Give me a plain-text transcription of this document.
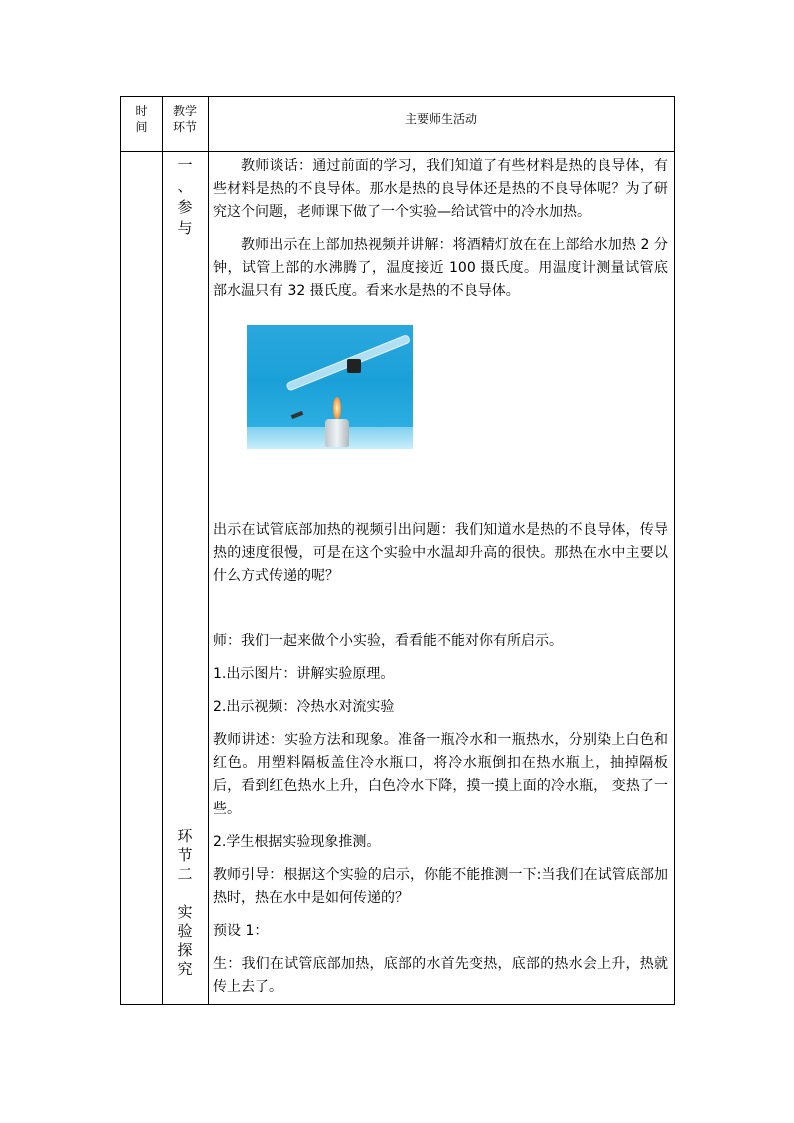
时
间
教学
环节
主要师生活动
一
、
参
与
环
节
二
实
验
探
究

教师谈话：通过前面的学习，我们知道了有些材料是热的良导体，有些材料是热的不良导体。那水是热的良导体还是热的不良导体呢？为了研究这个问题，老师课下做了一个实验—给试管中的冷水加热。

教师出示在上部加热视频并讲解：将酒精灯放在在上部给水加热 2 分钟，试管上部的水沸腾了，温度接近 100 摄氏度。用温度计测量试管底部水温只有 32 摄氏度。看来水是热的不良导体。

出示在试管底部加热的视频引出问题：我们知道水是热的不良导体，传导热的速度很慢，可是在这个实验中水温却升高的很快。那热在水中主要以什么方式传递的呢？

师：我们一起来做个小实验，看看能不能对你有所启示。

1.出示图片：讲解实验原理。

2.出示视频：冷热水对流实验

教师讲述：实验方法和现象。准备一瓶冷水和一瓶热水，分别染上白色和红色。用塑料隔板盖住冷水瓶口，将冷水瓶倒扣在热水瓶上，抽掉隔板后，看到红色热水上升，白色冷水下降，摸一摸上面的冷水瓶， 变热了一些。

2.学生根据实验现象推测。

教师引导：根据这个实验的启示，你能不能推测一下:当我们在试管底部加热时，热在水中是如何传递的？

预设 1：

生：我们在试管底部加热，底部的水首先变热，底部的热水会上升，热就传上去了。
